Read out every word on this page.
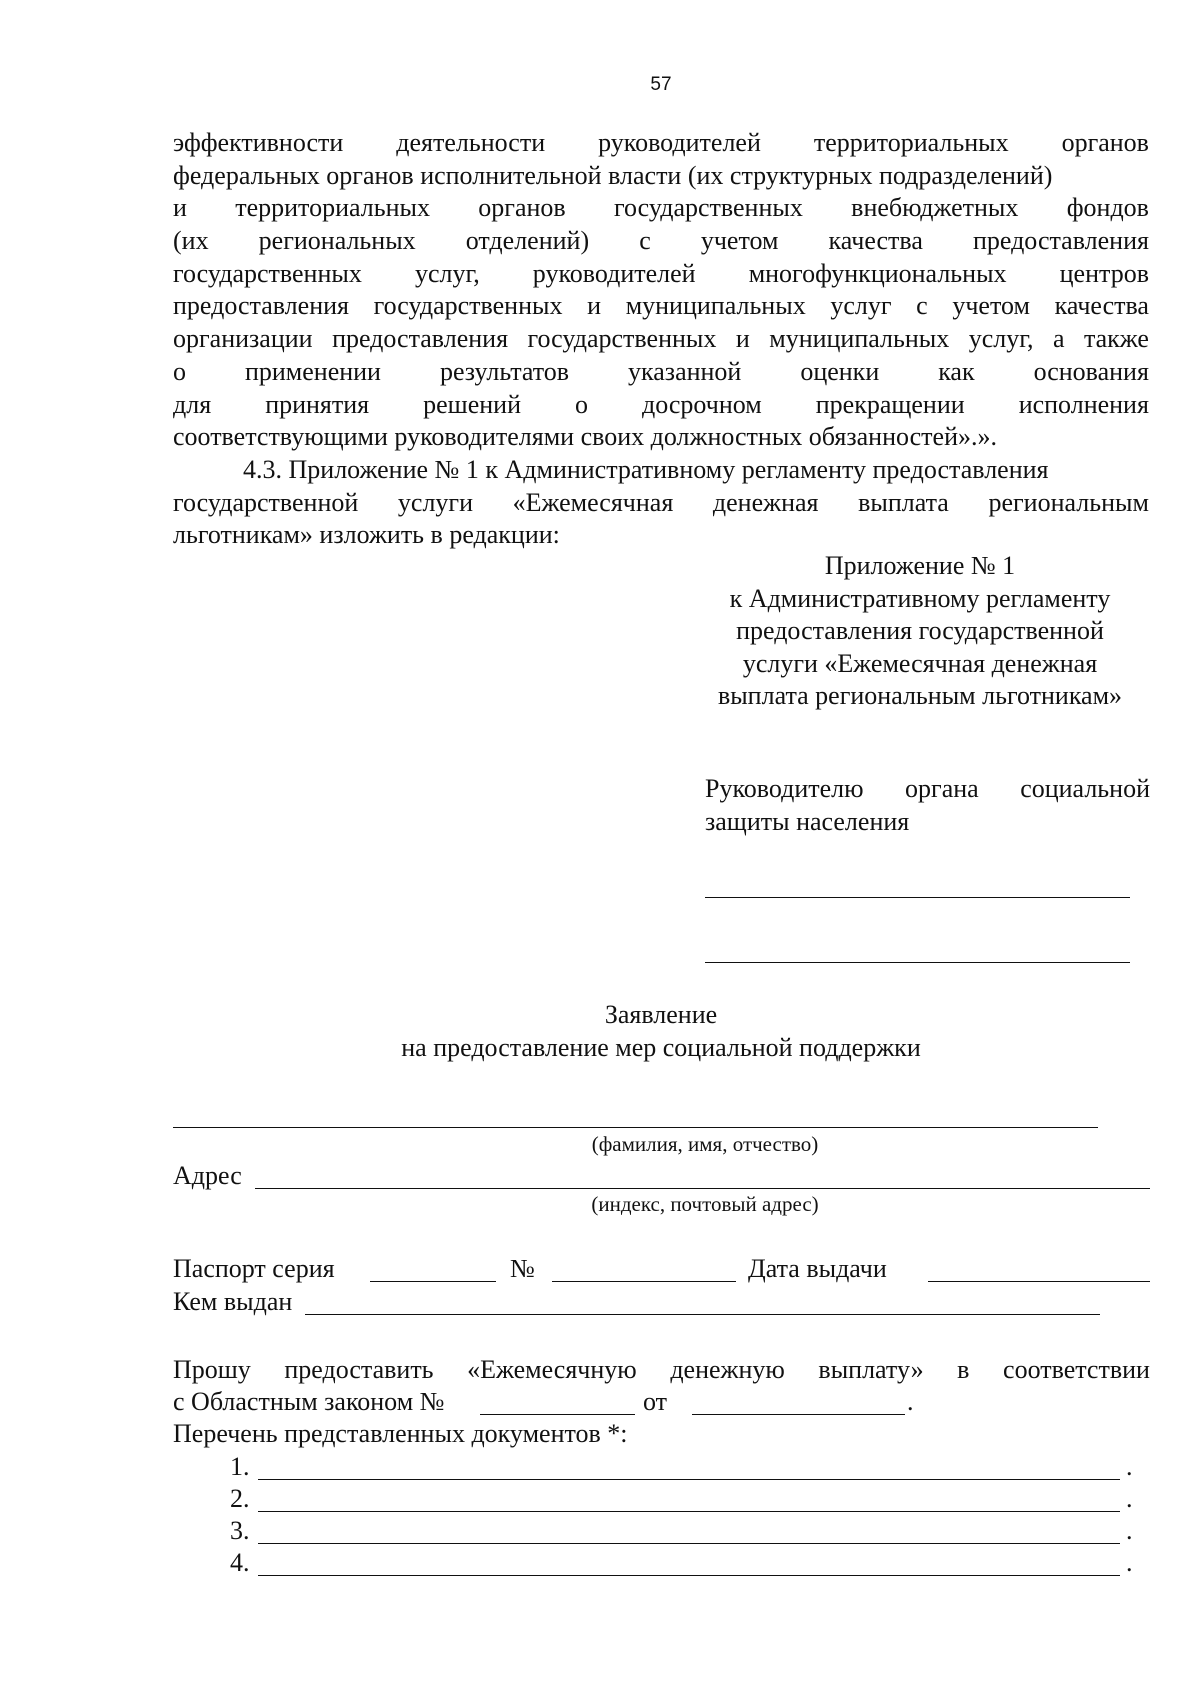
57
эффективности деятельности руководителей территориальных органов
федеральных органов исполнительной власти (их структурных подразделений)
и территориальных органов государственных внебюджетных фондов
(их региональных отделений) с учетом качества предоставления
государственных услуг, руководителей многофункциональных центров
предоставления государственных и муниципальных услуг с учетом качества
организации предоставления государственных и муниципальных услуг, а также
о применении результатов указанной оценки как основания
для принятия решений о досрочном прекращении исполнения
соответствующими руководителями своих должностных обязанностей».».
4.3. Приложение № 1 к Административному регламенту предоставления
государственной услуги «Ежемесячная денежная выплата региональным
льготникам» изложить в редакции:
Приложение № 1
к Административному регламенту
предоставления государственной
услуги «Ежемесячная денежная
выплата региональным льготникам»
Руководителю органа социальной
защиты населения
Заявление
на предоставление мер социальной поддержки
(фамилия, имя, отчество)
Адрес
(индекс, почтовый адрес)
Паспорт серия	№	Дата выдачи
Кем выдан
Прошу предоставить «Ежемесячную денежную выплату» в соответствии
с Областным законом №	от	.
Перечень представленных документов *:
1.	.
2.	.
3.	.
4.	.
